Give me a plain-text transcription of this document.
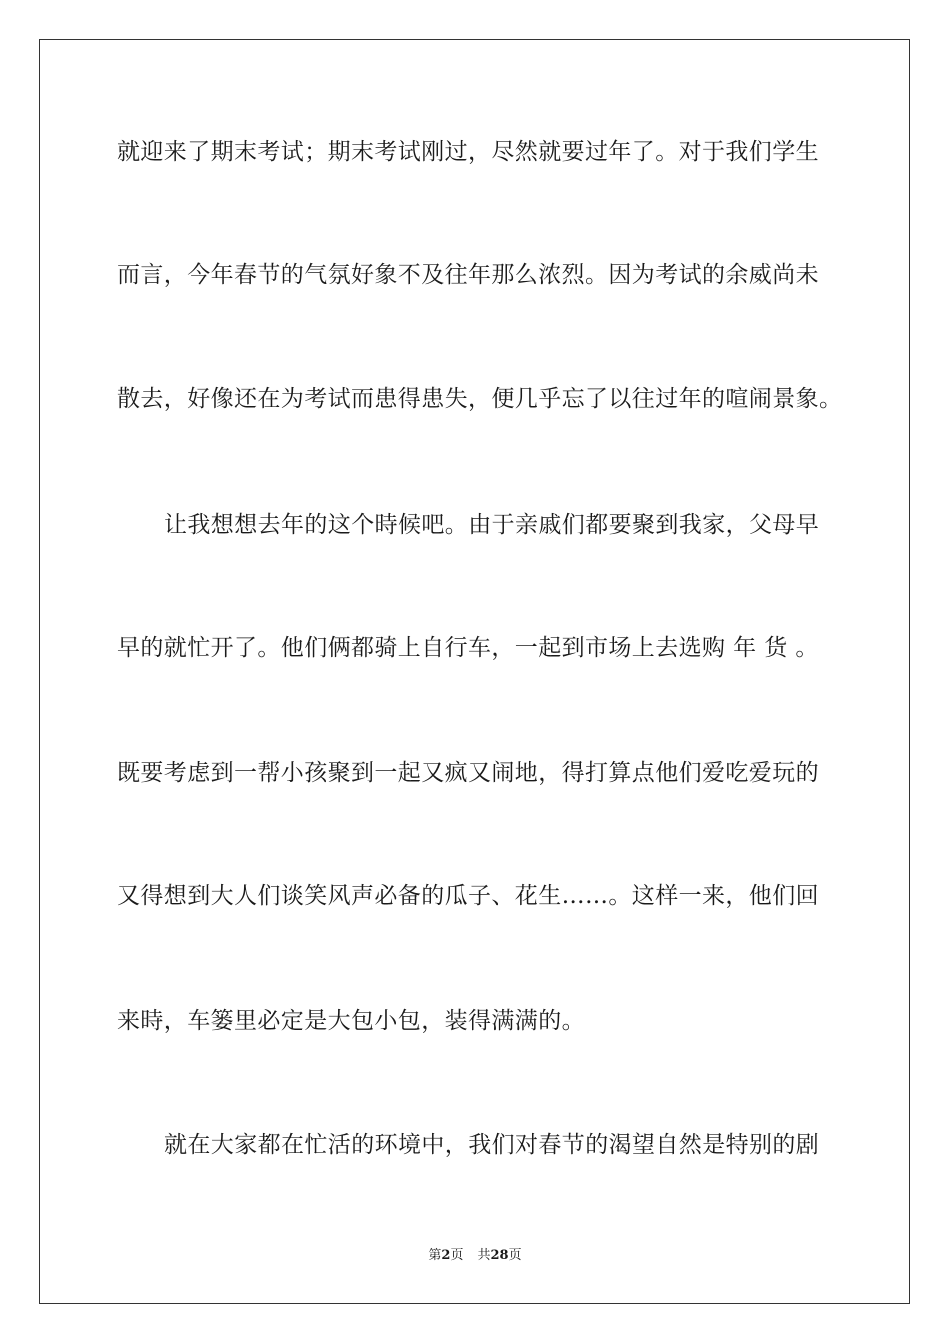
就迎来了期末考试；期末考试刚过，尽然就要过年了。对于我们学生
而言，今年春节的气氛好象不及往年那么浓烈。因为考试的余威尚未
散去，好像还在为考试而患得患失，便几乎忘了以往过年的喧闹景象。
让我想想去年的这个時候吧。由于亲戚们都要聚到我家，父母早
早的就忙开了。他们俩都骑上自行车，一起到市场上去选购 年 货 。
既要考虑到一帮小孩聚到一起又疯又闹地，得打算点他们爱吃爱玩的
又得想到大人们谈笑风声必备的瓜子、花生……。这样一来，他们回
来時，车篓里必定是大包小包，装得满满的。
就在大家都在忙活的环境中，我们对春节的渴望自然是特别的剧
第2页 共28页
